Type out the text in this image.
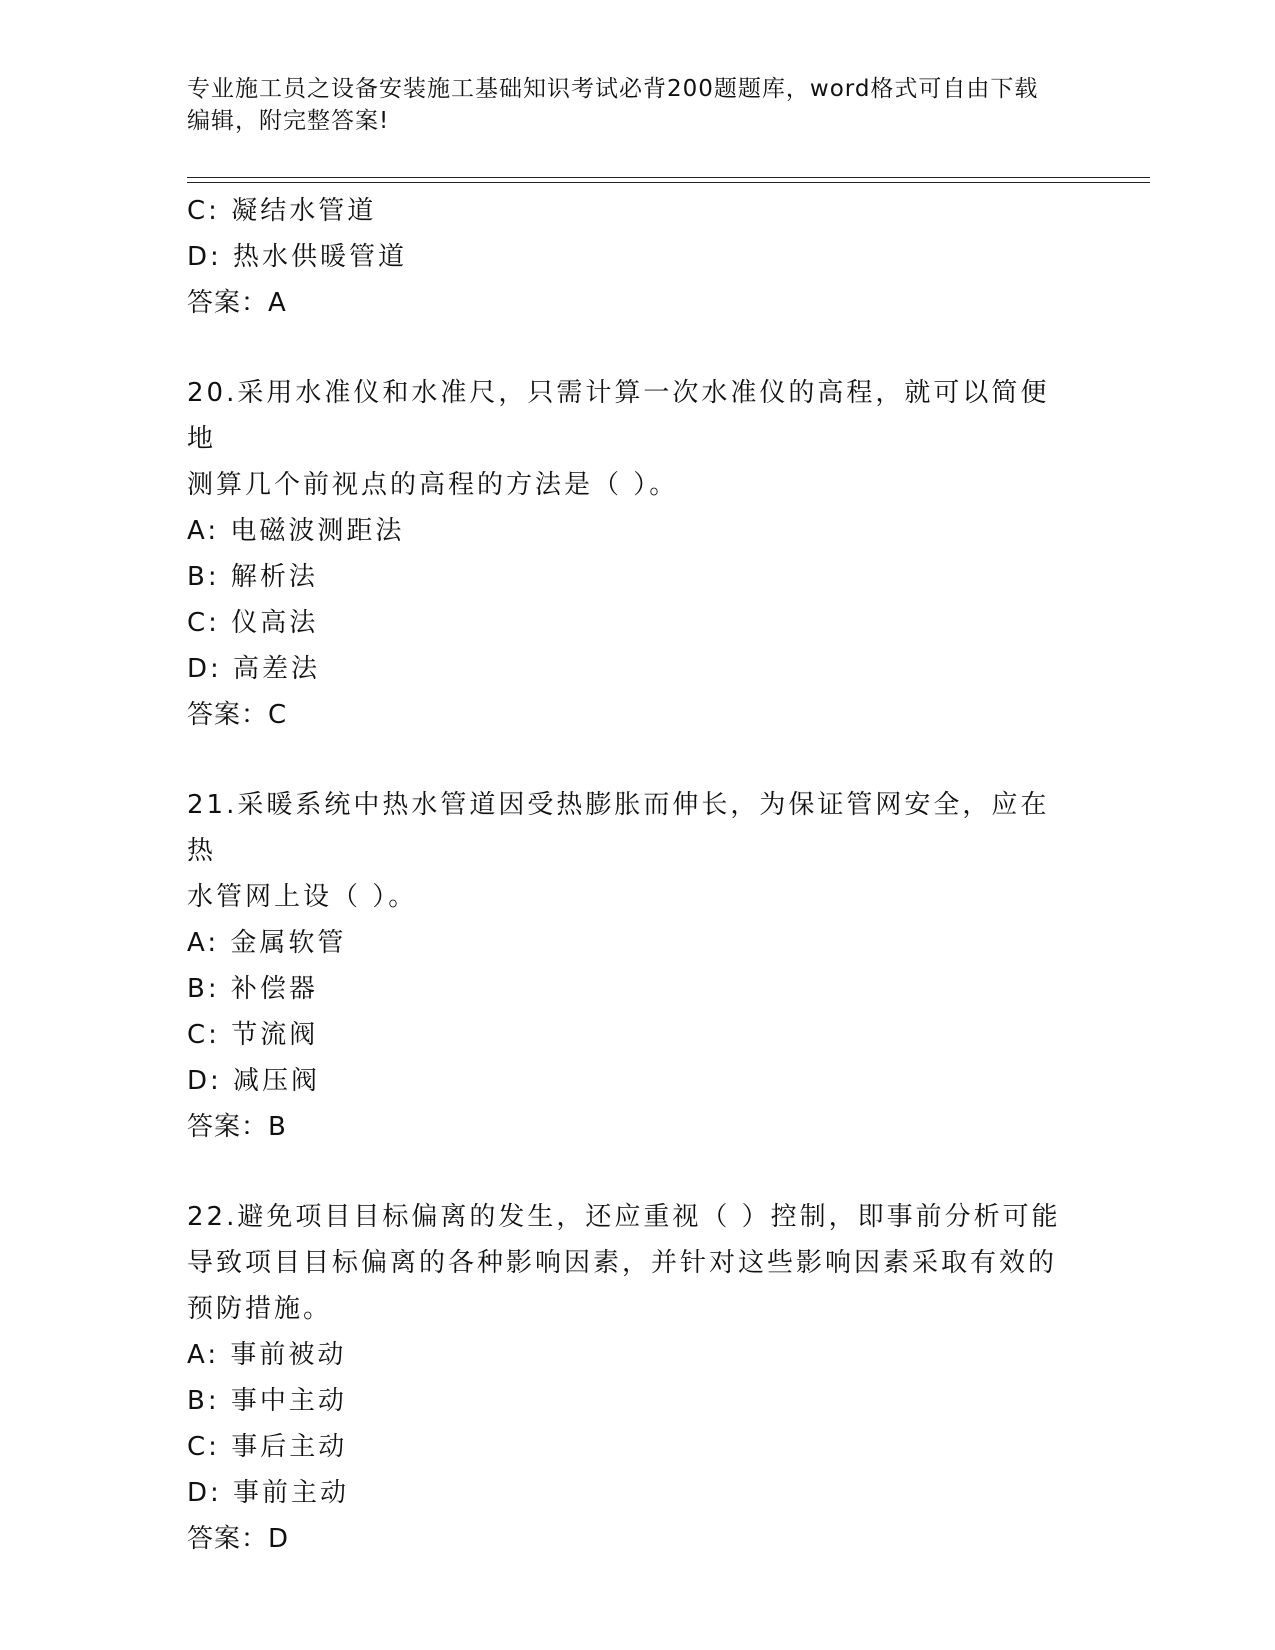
专业施工员之设备安装施工基础知识考试必背200题题库，word格式可自由下载
编辑，附完整答案!
C: 凝结水管道
D: 热水供暖管道
答案：A
20.采用水准仪和水准尺，只需计算一次水准仪的高程，就可以简便地
测算几个前视点的高程的方法是（ ）。
A: 电磁波测距法
B: 解析法
C: 仪高法
D: 高差法
答案：C
21.采暖系统中热水管道因受热膨胀而伸长，为保证管网安全，应在热
水管网上设（ ）。
A: 金属软管
B: 补偿器
C: 节流阀
D: 减压阀
答案：B
22.避免项目目标偏离的发生，还应重视（ ）控制，即事前分析可能
导致项目目标偏离的各种影响因素，并针对这些影响因素采取有效的
预防措施。
A: 事前被动
B: 事中主动
C: 事后主动
D: 事前主动
答案：D
